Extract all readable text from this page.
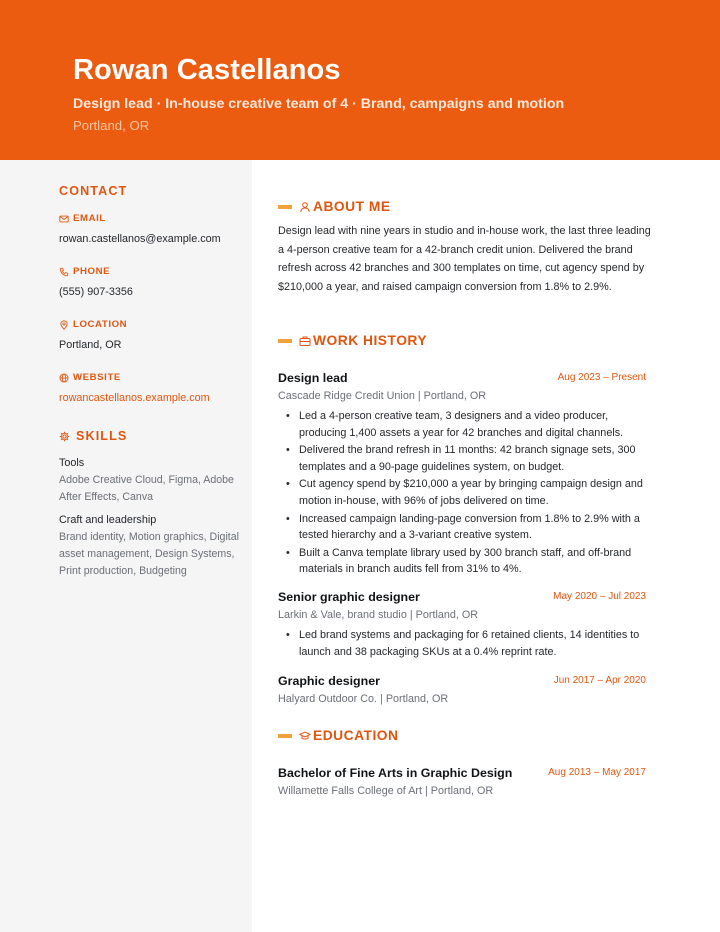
Rowan Castellanos
Design lead · In-house creative team of 4 · Brand, campaigns and motion
Portland, OR
CONTACT
EMAIL
rowan.castellanos@example.com
PHONE
(555) 907-3356
LOCATION
Portland, OR
WEBSITE
rowancastellanos.example.com
SKILLS
Tools
Adobe Creative Cloud, Figma, Adobe After Effects, Canva
Craft and leadership
Brand identity, Motion graphics, Digital asset management, Design Systems, Print production, Budgeting
ABOUT ME
Design lead with nine years in studio and in-house work, the last three leading a 4-person creative team for a 42-branch credit union. Delivered the brand refresh across 42 branches and 300 templates on time, cut agency spend by $210,000 a year, and raised campaign conversion from 1.8% to 2.9%.
WORK HISTORY
Design lead	Aug 2023 – Present
Cascade Ridge Credit Union | Portland, OR
• Led a 4-person creative team, 3 designers and a video producer, producing 1,400 assets a year for 42 branches and digital channels.
• Delivered the brand refresh in 11 months: 42 branch signage sets, 300 templates and a 90-page guidelines system, on budget.
• Cut agency spend by $210,000 a year by bringing campaign design and motion in-house, with 96% of jobs delivered on time.
• Increased campaign landing-page conversion from 1.8% to 2.9% with a tested hierarchy and a 3-variant creative system.
• Built a Canva template library used by 300 branch staff, and off-brand materials in branch audits fell from 31% to 4%.
Senior graphic designer	May 2020 – Jul 2023
Larkin & Vale, brand studio | Portland, OR
• Led brand systems and packaging for 6 retained clients, 14 identities to launch and 38 packaging SKUs at a 0.4% reprint rate.
Graphic designer	Jun 2017 – Apr 2020
Halyard Outdoor Co. | Portland, OR
EDUCATION
Bachelor of Fine Arts in Graphic Design	Aug 2013 – May 2017
Willamette Falls College of Art | Portland, OR
